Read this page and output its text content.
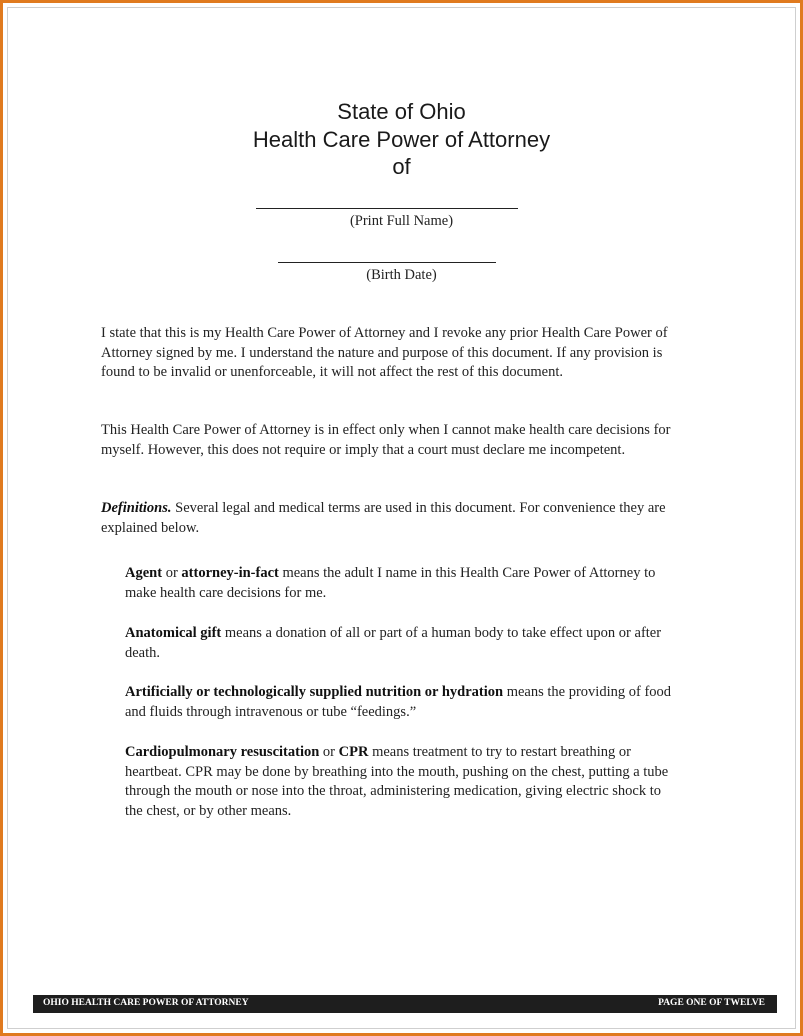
State of Ohio
Health Care Power of Attorney
of
(Print Full Name)
(Birth Date)

I state that this is my Health Care Power of Attorney and I revoke any prior Health Care Power of Attorney signed by me. I understand the nature and purpose of this document. If any provision is found to be invalid or unenforceable, it will not affect the rest of this document.

This Health Care Power of Attorney is in effect only when I cannot make health care decisions for myself. However, this does not require or imply that a court must declare me incompetent.

Definitions. Several legal and medical terms are used in this document. For convenience they are explained below.

Agent or attorney-in-fact means the adult I name in this Health Care Power of Attorney to make health care decisions for me.

Anatomical gift means a donation of all or part of a human body to take effect upon or after death.

Artificially or technologically supplied nutrition or hydration means the providing of food and fluids through intravenous or tube “feedings.”

Cardiopulmonary resuscitation or CPR means treatment to try to restart breathing or heartbeat. CPR may be done by breathing into the mouth, pushing on the chest, putting a tube through the mouth or nose into the throat, administering medication, giving electric shock to the chest, or by other means.

OHIO HEALTH CARE POWER OF ATTORNEY	PAGE ONE OF TWELVE
